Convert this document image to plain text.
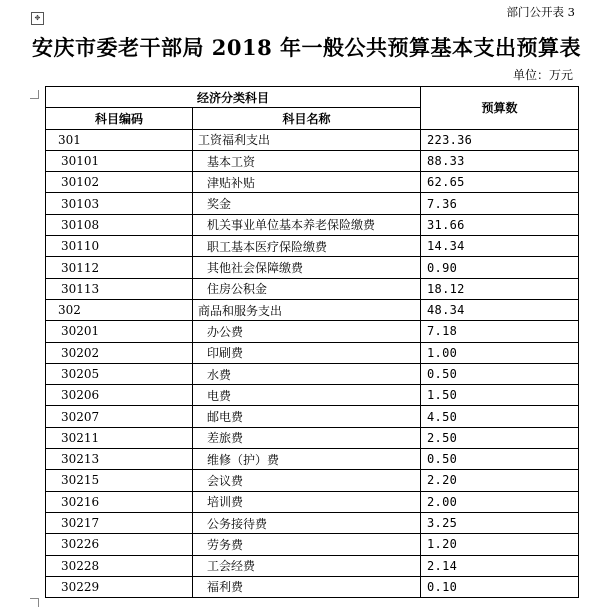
✥	部门公开表 3
安庆市委老干部局 2018 年一般公共预算基本支出预算表
单位：万元
经济分类科目		预算数
科目编码	科目名称	
301	工资福利支出	223.36
30101	基本工资	88.33
30102	津贴补贴	62.65
30103	奖金	7.36
30108	机关事业单位基本养老保险缴费	31.66
30110	职工基本医疗保险缴费	14.34
30112	其他社会保障缴费	0.90
30113	住房公积金	18.12
302	商品和服务支出	48.34
30201	办公费	7.18
30202	印刷费	1.00
30205	水费	0.50
30206	电费	1.50
30207	邮电费	4.50
30211	差旅费	2.50
30213	维修（护）费	0.50
30215	会议费	2.20
30216	培训费	2.00
30217	公务接待费	3.25
30226	劳务费	1.20
30228	工会经费	2.14
30229	福利费	0.10
